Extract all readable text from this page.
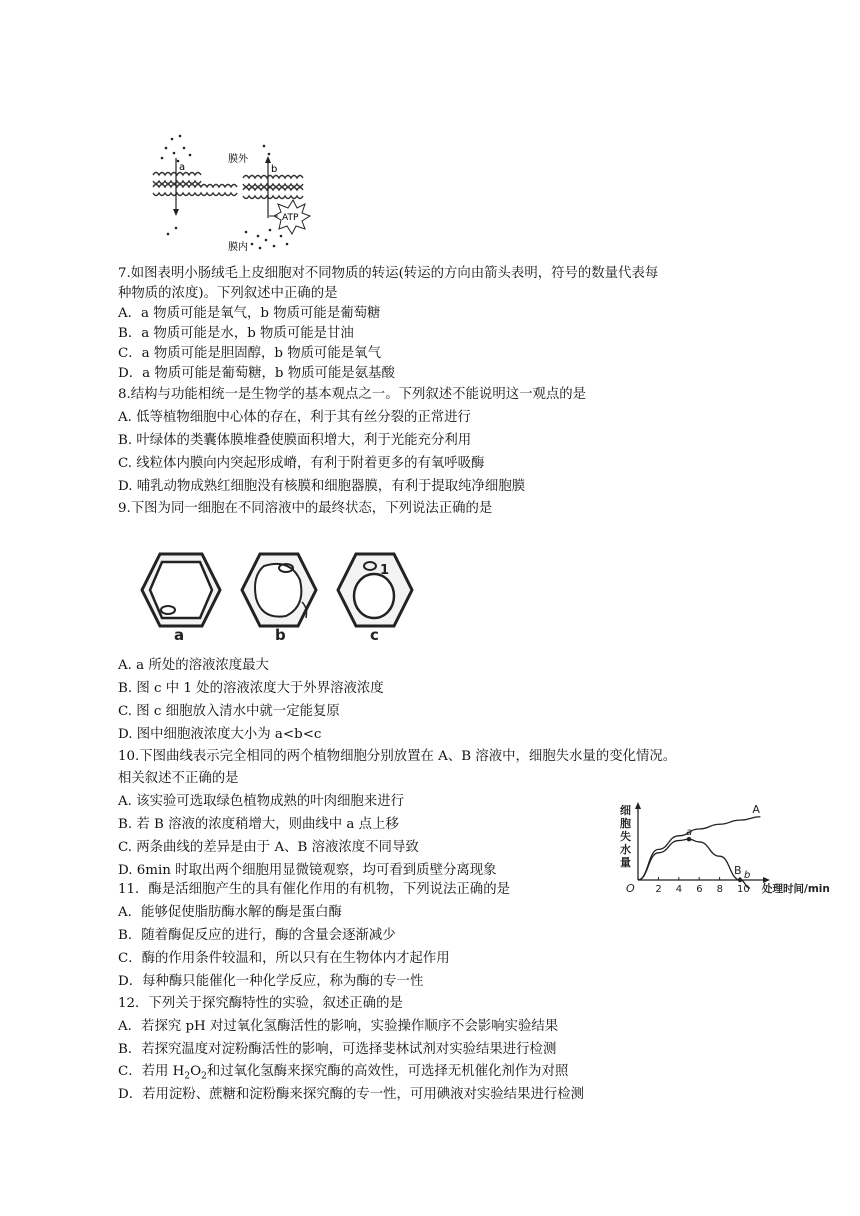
a	b
膜外
膜内
ATP
7.如图表明小肠绒毛上皮细胞对不同物质的转运(转运的方向由箭头表明，符号的数量代表每
种物质的浓度)。下列叙述中正确的是
A．a 物质可能是氧气，b 物质可能是葡萄糖
B．a 物质可能是水，b 物质可能是甘油
C．a 物质可能是胆固醇，b 物质可能是氧气
D．a 物质可能是葡萄糖，b 物质可能是氨基酸
8.结构与功能相统一是生物学的基本观点之一。下列叙述不能说明这一观点的是
A. 低等植物细胞中心体的存在，利于其有丝分裂的正常进行
B. 叶绿体的类囊体膜堆叠使膜面积增大，利于光能充分利用
C. 线粒体内膜向内突起形成嵴，有利于附着更多的有氧呼吸酶
D. 哺乳动物成熟红细胞没有核膜和细胞器膜，有利于提取纯净细胞膜
9.下图为同一细胞在不同溶液中的最终状态，下列说法正确的是
a	b
1
c
A. a 所处的溶液浓度最大
B. 图 c 中 1 处的溶液浓度大于外界溶液浓度
C. 图 c 细胞放入清水中就一定能复原
D. 图中细胞液浓度大小为 a<b<c
10.下图曲线表示完全相同的两个植物细胞分别放置在 A、B 溶液中，细胞失水量的变化情况。
相关叙述不正确的是
A. 该实验可选取绿色植物成熟的叶肉细胞来进行
B. 若 B 溶液的浓度稍增大，则曲线中 a 点上移
C. 两条曲线的差异是由于 A、B 溶液浓度不同导致
D. 6min 时取出两个细胞用显微镜观察，均可看到质壁分离现象
细胞失水量
处理时间/min
O 2 4 6 8 10
A
B
a
b
11．酶是活细胞产生的具有催化作用的有机物，下列说法正确的是
A．能够促使脂肪酶水解的酶是蛋白酶
B．随着酶促反应的进行，酶的含量会逐渐减少
C．酶的作用条件较温和，所以只有在生物体内才起作用
D．每种酶只能催化一种化学反应，称为酶的专一性
12．下列关于探究酶特性的实验，叙述正确的是
A．若探究 pH 对过氧化氢酶活性的影响，实验操作顺序不会影响实验结果
B．若探究温度对淀粉酶活性的影响，可选择斐林试剂对实验结果进行检测
C．若用 $H_2O_2$和过氧化氢酶来探究酶的高效性，可选择无机催化剂作为对照
D．若用淀粉、蔗糖和淀粉酶来探究酶的专一性，可用碘液对实验结果进行检测
